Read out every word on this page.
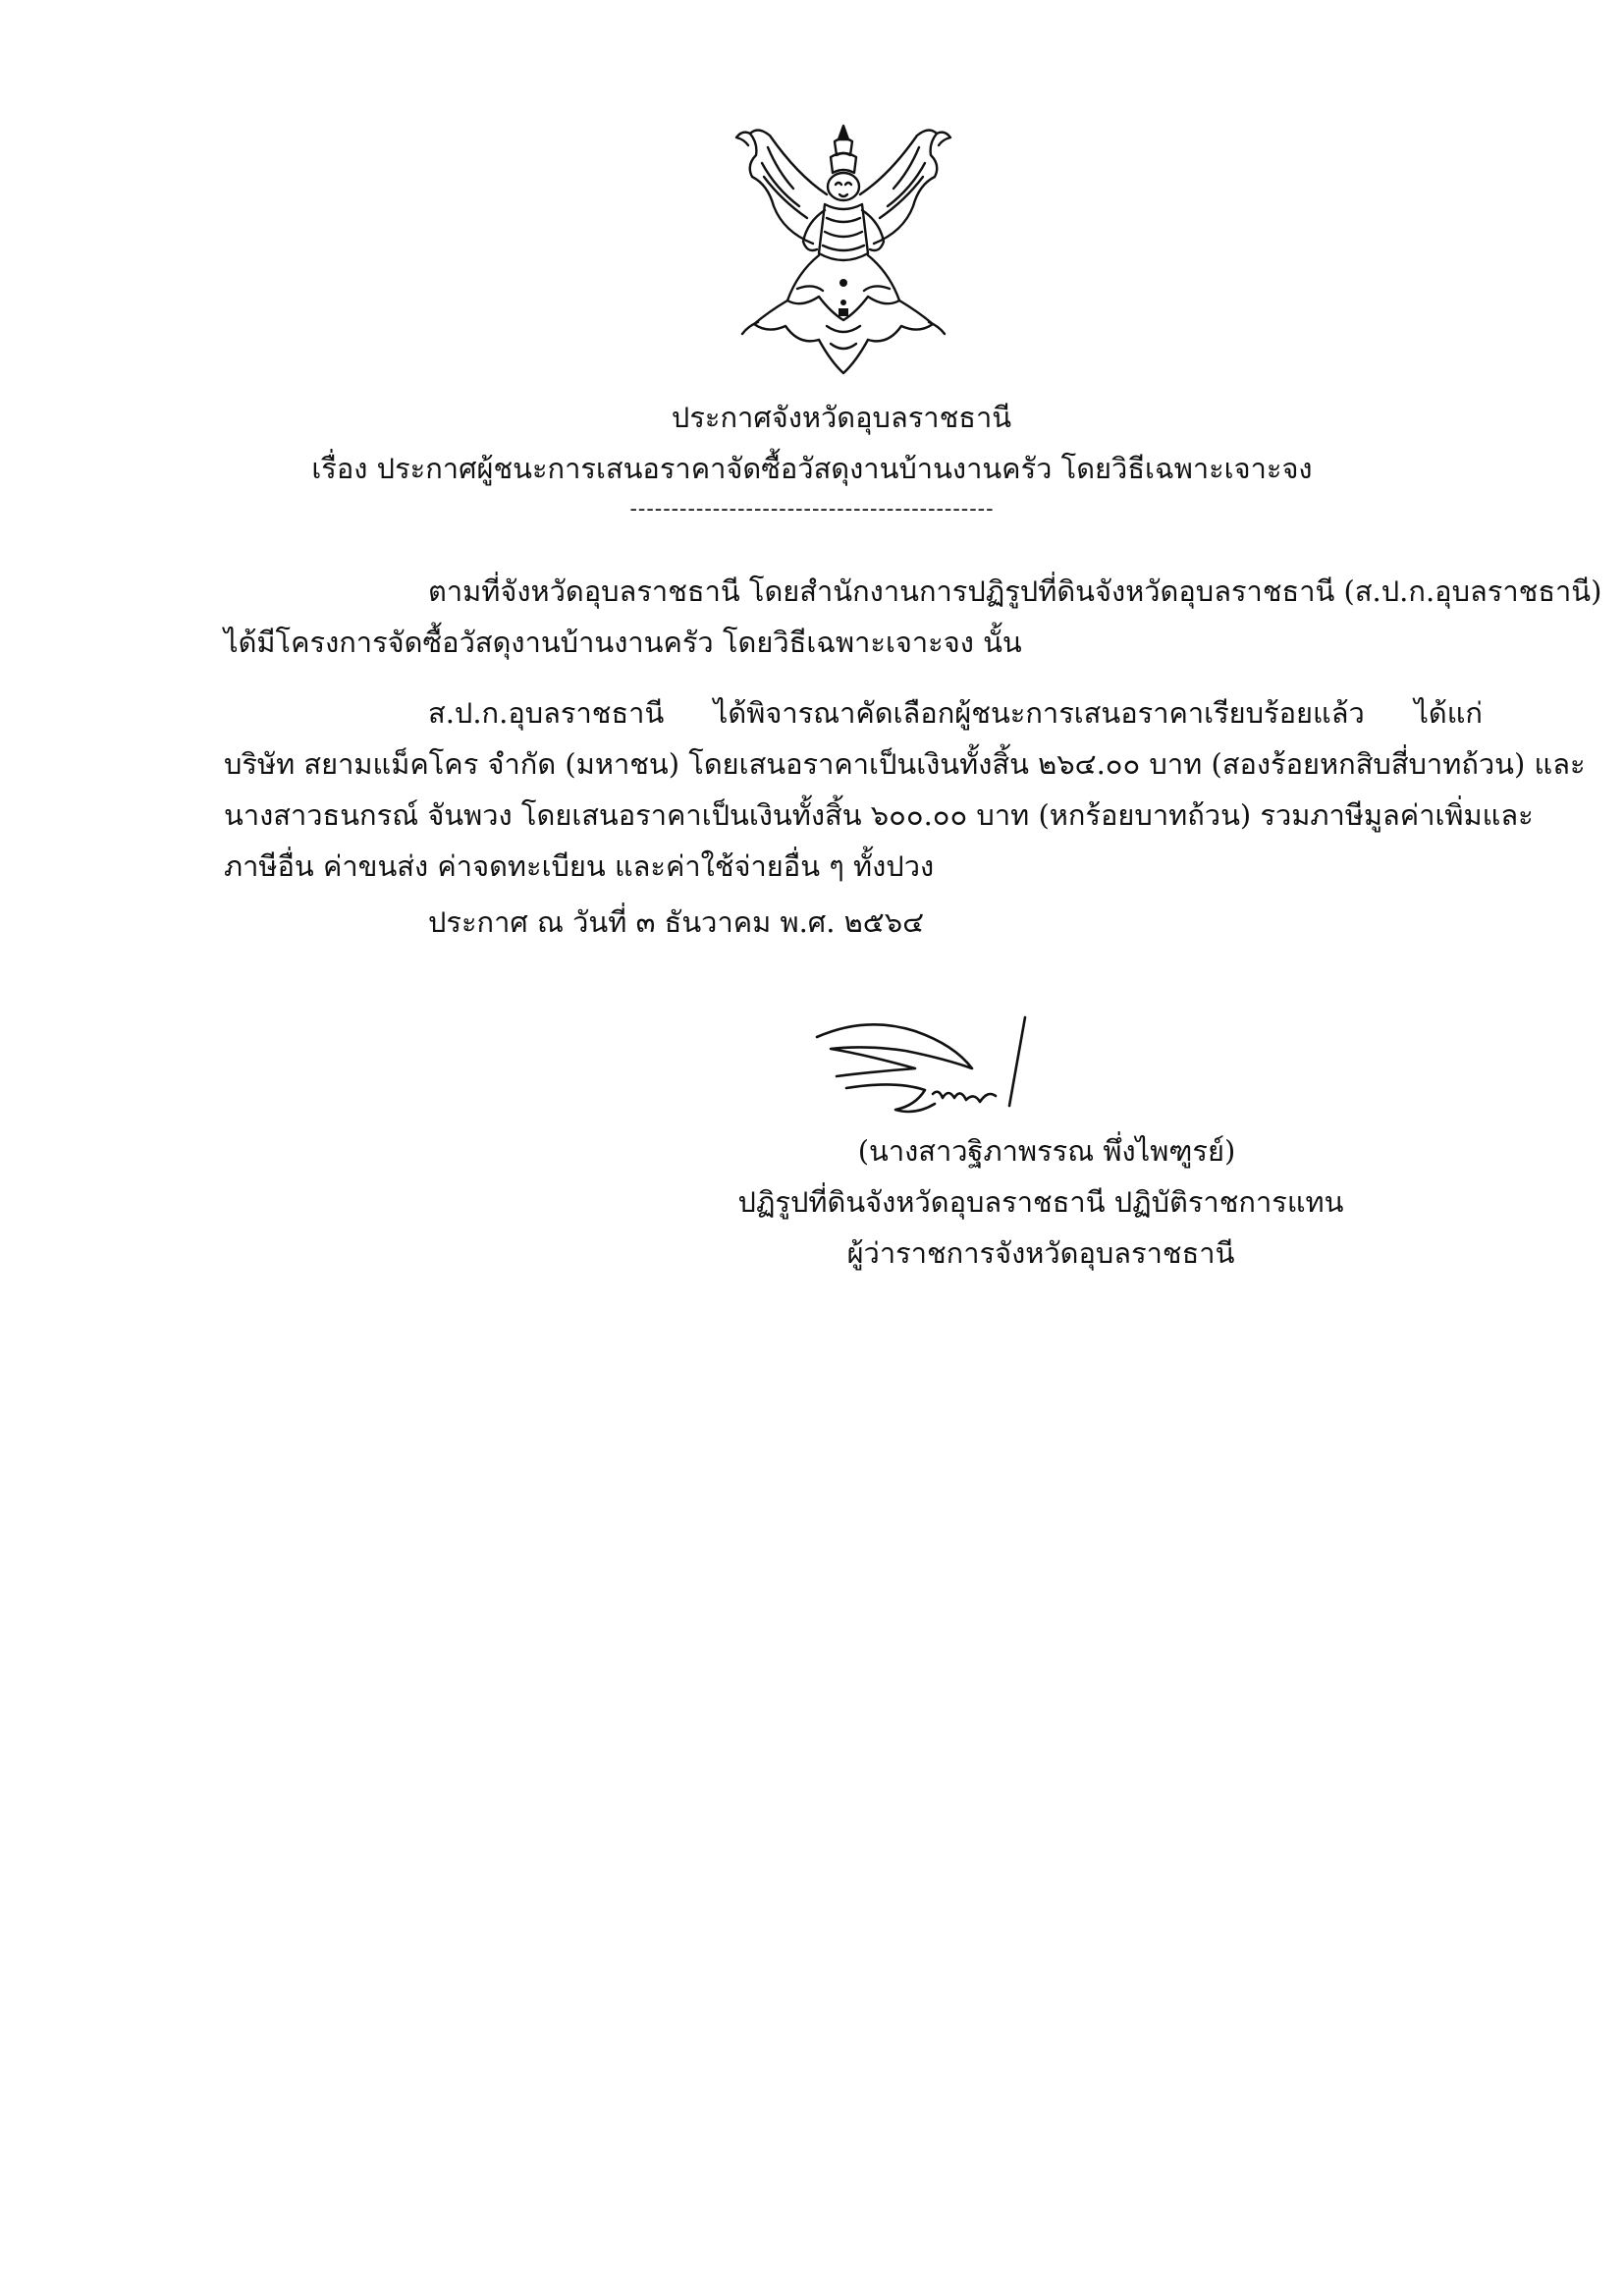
ประกาศจังหวัดอุบลราชธานี
เรื่อง ประกาศผู้ชนะการเสนอราคาจัดซื้อวัสดุงานบ้านงานครัว โดยวิธีเฉพาะเจาะจง
--------------------------------------------
ตามที่จังหวัดอุบลราชธานี โดยสำนักงานการปฏิรูปที่ดินจังหวัดอุบลราชธานี (ส.ป.ก.อุบลราชธานี)
ได้มีโครงการจัดซื้อวัสดุงานบ้านงานครัว โดยวิธีเฉพาะเจาะจง นั้น
ส.ป.ก.อุบลราชธานี ได้พิจารณาคัดเลือกผู้ชนะการเสนอราคาเรียบร้อยแล้ว ได้แก่
บริษัท สยามแม็คโคร จำกัด (มหาชน) โดยเสนอราคาเป็นเงินทั้งสิ้น ๒๖๔.๐๐ บาท (สองร้อยหกสิบสี่บาทถ้วน) และ
นางสาวธนกรณ์ จันพวง โดยเสนอราคาเป็นเงินทั้งสิ้น ๖๐๐.๐๐ บาท (หกร้อยบาทถ้วน) รวมภาษีมูลค่าเพิ่มและ
ภาษีอื่น ค่าขนส่ง ค่าจดทะเบียน และค่าใช้จ่ายอื่น ๆ ทั้งปวง
ประกาศ ณ วันที่ ๓ ธันวาคม พ.ศ. ๒๕๖๔
(นางสาวฐิภาพรรณ พึ่งไพฑูรย์)
ปฏิรูปที่ดินจังหวัดอุบลราชธานี ปฏิบัติราชการแทน
ผู้ว่าราชการจังหวัดอุบลราชธานี
